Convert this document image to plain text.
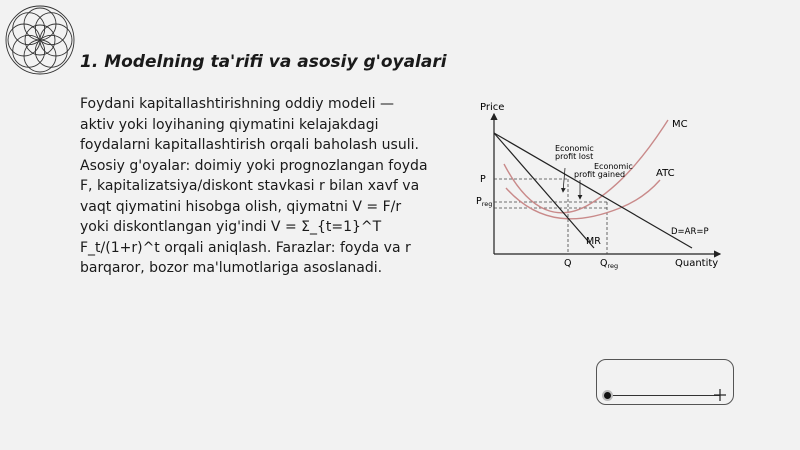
1. Modelning ta'rifi va asosiy g'oyalari

Foydani kapitallashtirishning oddiy modeli — aktiv yoki loyihaning qiymatini kelajakdagi foydalarni kapitallashtirish orqali baholash usuli. Asosiy g'oyalar: doimiy yoki prognozlangan foyda F, kapitalizatsiya/diskont stavkasi r bilan xavf va vaqt qiymatini hisobga olish, qiymatni V = F/r yoki diskontlangan yig'indi V = Σ_{t=1}^T F_t/(1+r)^t orqali aniqlash. Farazlar: foyda va r barqaror, bozor ma'lumotlariga asoslanadi.

Price
Quantity
MC
ATC
D=AR=P
MR
Economic
profit lost
Economic
profit gained
P
$P_{reg}$
Q	$Q_{reg}$
